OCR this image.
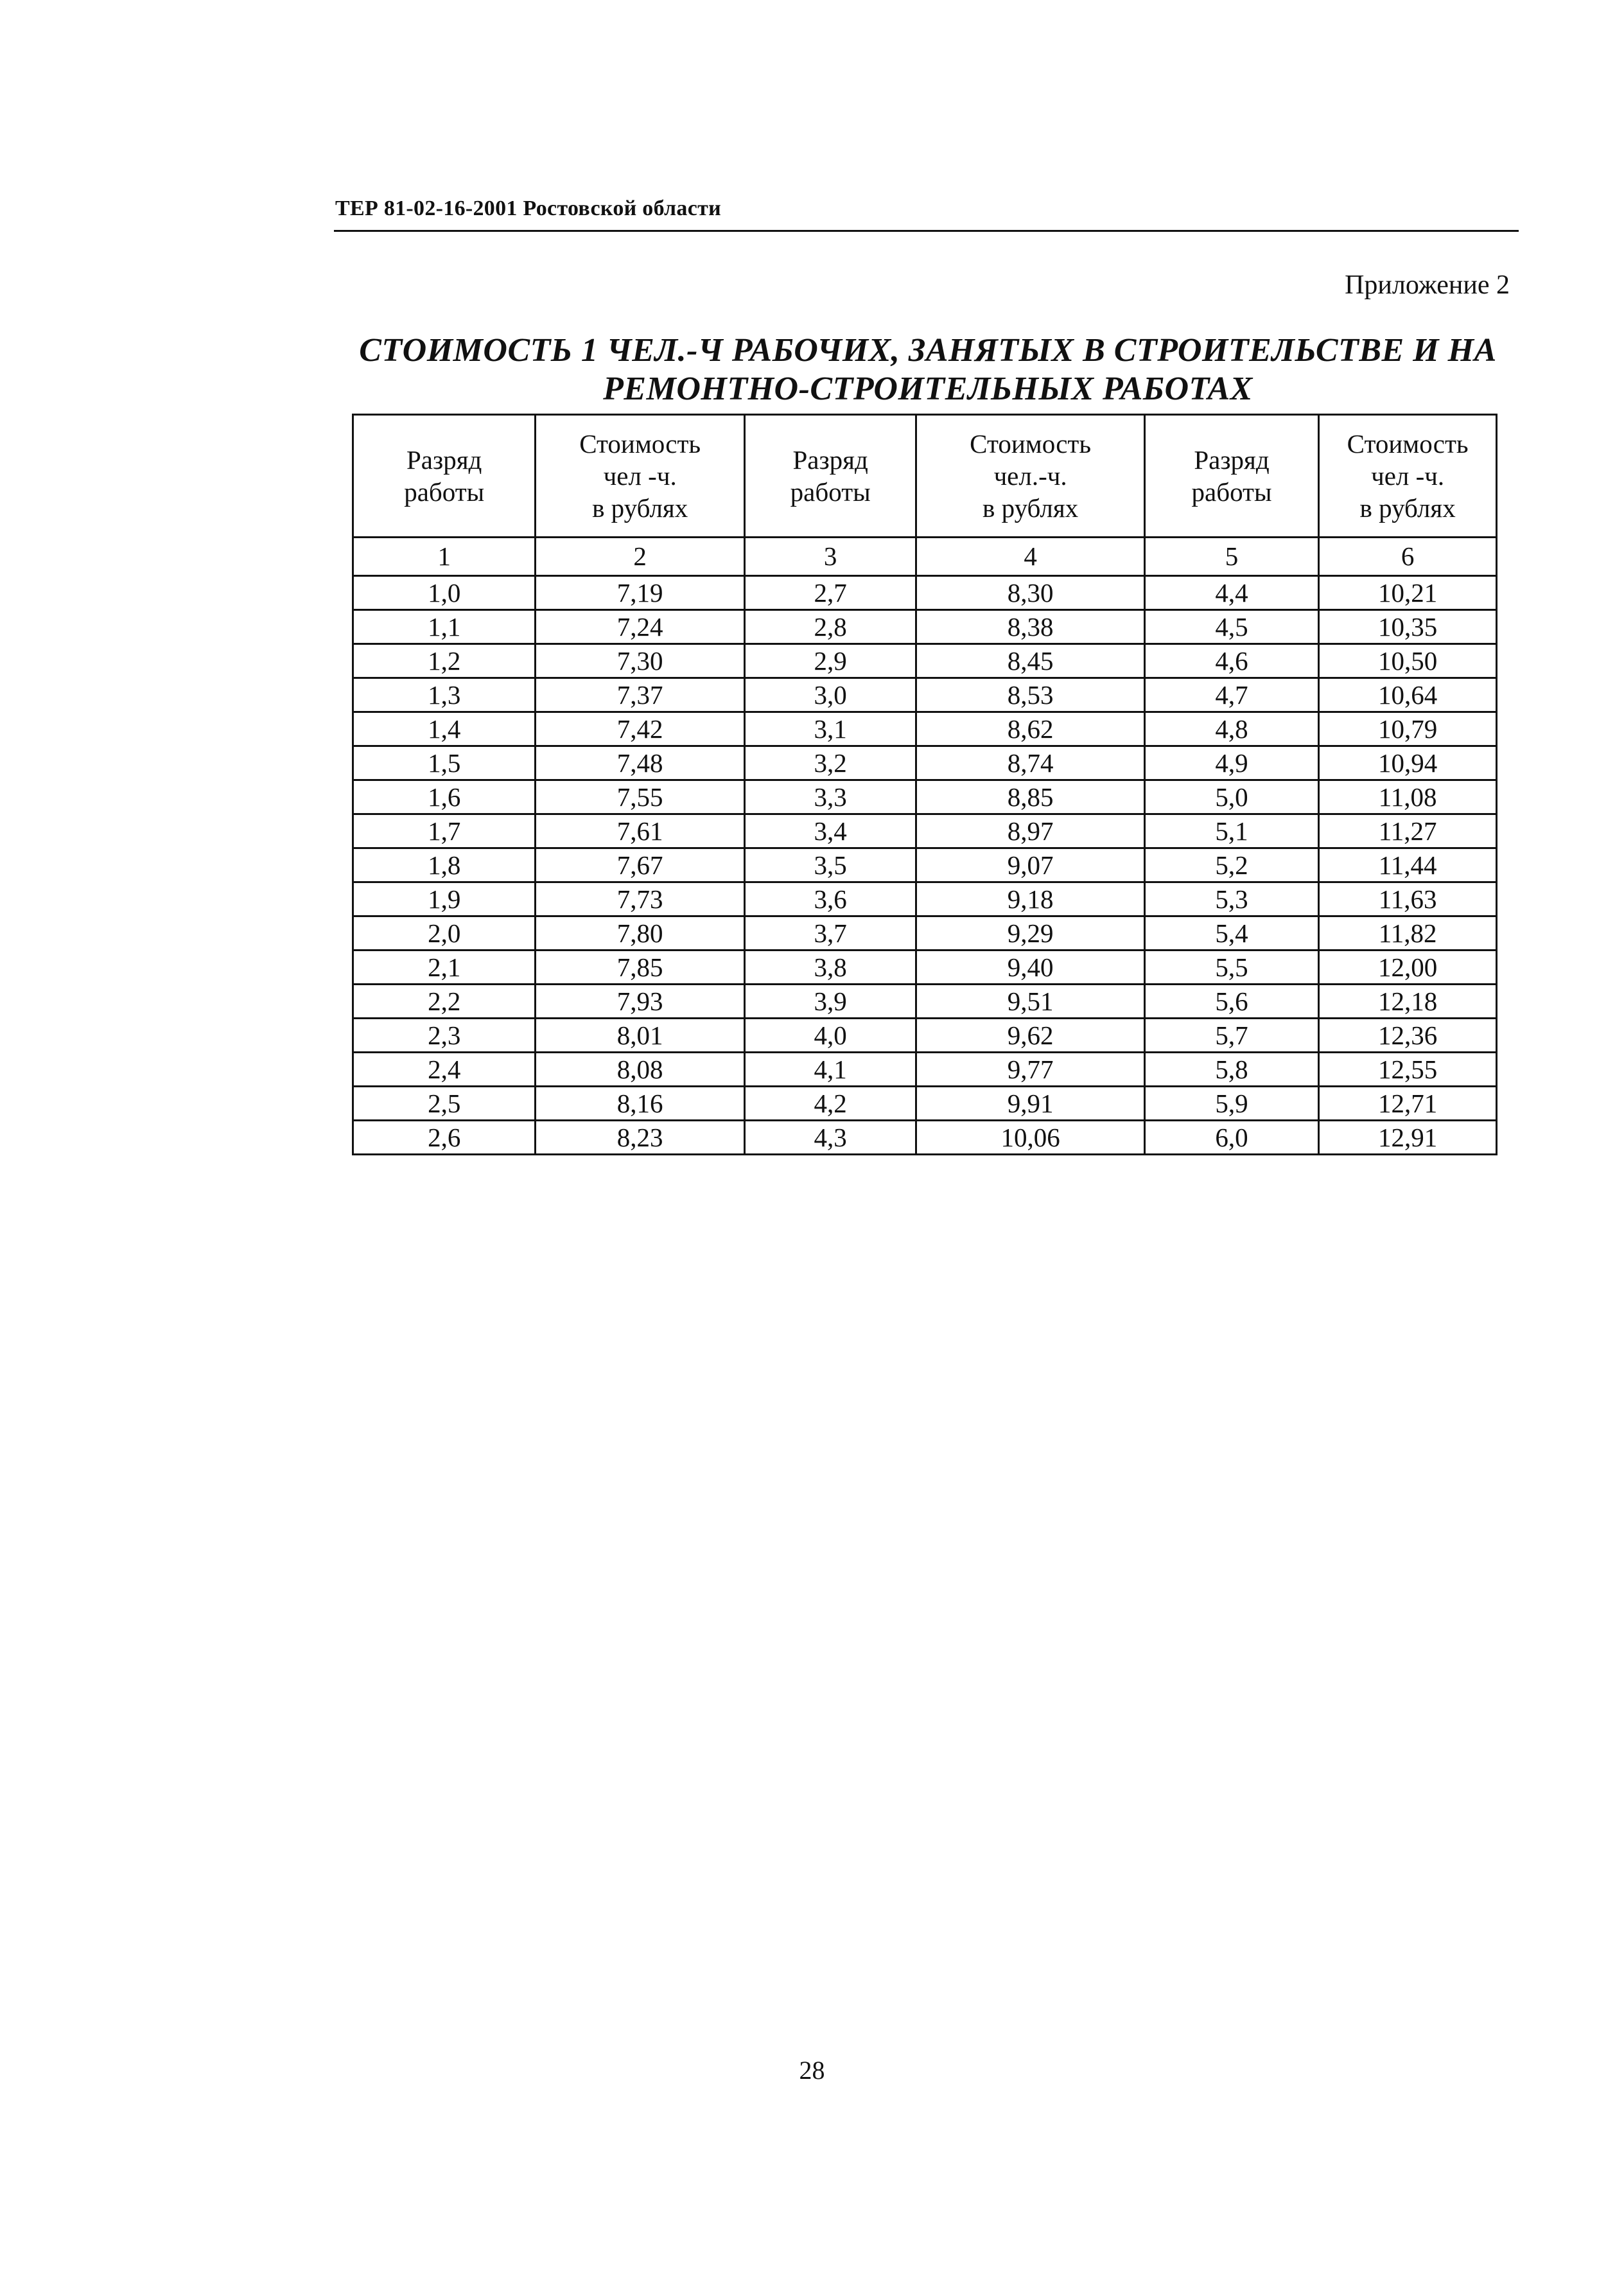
ТЕР 81-02-16-2001 Ростовской области
Приложение 2
СТОИМОСТЬ 1 ЧЕЛ.-Ч РАБОЧИХ, ЗАНЯТЫХ В СТРОИТЕЛЬСТВЕ И НА
РЕМОНТНО-СТРОИТЕЛЬНЫХ РАБОТАХ
Разряд
работы	Стоимость
чел -ч.
в рублях	Разряд
работы	Стоимость
чел.-ч.
в рублях	Разряд
работы	Стоимость
чел -ч.
в рублях
1	2	3	4	5	6
1,0	7,19	2,7	8,30	4,4	10,21
1,1	7,24	2,8	8,38	4,5	10,35
1,2	7,30	2,9	8,45	4,6	10,50
1,3	7,37	3,0	8,53	4,7	10,64
1,4	7,42	3,1	8,62	4,8	10,79
1,5	7,48	3,2	8,74	4,9	10,94
1,6	7,55	3,3	8,85	5,0	11,08
1,7	7,61	3,4	8,97	5,1	11,27
1,8	7,67	3,5	9,07	5,2	11,44
1,9	7,73	3,6	9,18	5,3	11,63
2,0	7,80	3,7	9,29	5,4	11,82
2,1	7,85	3,8	9,40	5,5	12,00
2,2	7,93	3,9	9,51	5,6	12,18
2,3	8,01	4,0	9,62	5,7	12,36
2,4	8,08	4,1	9,77	5,8	12,55
2,5	8,16	4,2	9,91	5,9	12,71
2,6	8,23	4,3	10,06	6,0	12,91
28
